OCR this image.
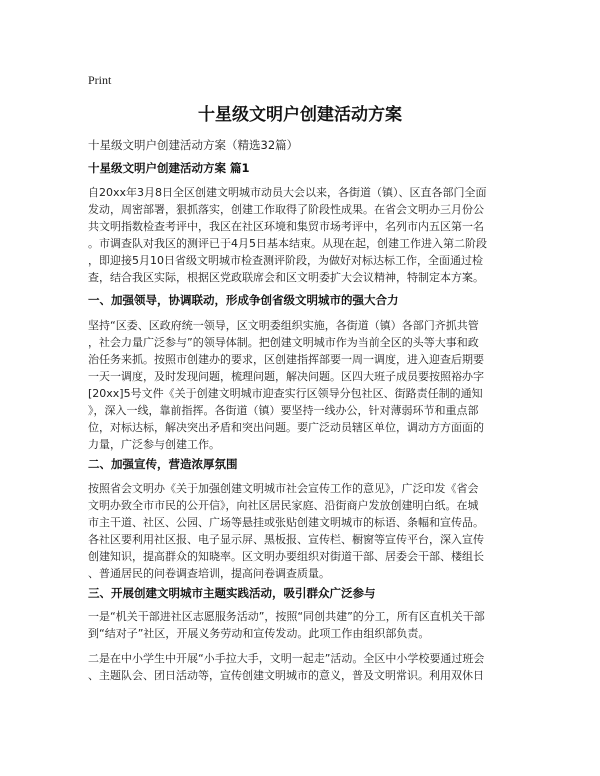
Print
十星级文明户创建活动方案
十星级文明户创建活动方案（精选32篇）
十星级文明户创建活动方案 篇1
自20xx年3月8日全区创建文明城市动员大会以来，各街道（镇）、区直各部门全面
发动，周密部署，狠抓落实，创建工作取得了阶段性成果。在省会文明办三月份公
共文明指数检查考评中，我区在社区环境和集贸市场考评中，名列市内五区第一名
。市调查队对我区的测评已于4月5日基本结束。从现在起，创建工作进入第二阶段
，即迎接5月10日省级文明城市检查测评阶段，为做好对标达标工作，全面通过检
查，结合我区实际，根据区党政联席会和区文明委扩大会议精神，特制定本方案。
一、加强领导，协调联动，形成争创省级文明城市的强大合力
坚持“区委、区政府统一领导，区文明委组织实施，各街道（镇）各部门齐抓共管
，社会力量广泛参与”的领导体制。把创建文明城市作为当前全区的头等大事和政
治任务来抓。按照市创建办的要求，区创建指挥部要一周一调度，进入迎查后期要
一天一调度，及时发现问题，梳理问题，解决问题。区四大班子成员要按照裕办字
[20xx]5号文件《关于创建文明城市迎查实行区领导分包社区、街路责任制的通知
》，深入一线，靠前指挥。各街道（镇）要坚持一线办公，针对薄弱环节和重点部
位，对标达标，解决突出矛盾和突出问题。要广泛动员辖区单位，调动方方面面的
力量，广泛参与创建工作。
二、加强宣传，营造浓厚氛围
按照省会文明办《关于加强创建文明城市社会宣传工作的意见》，广泛印发《省会
文明办致全市市民的公开信》，向社区居民家庭、沿街商户发放创建明白纸。在城
市主干道、社区、公园、广场等悬挂或张贴创建文明城市的标语、条幅和宣传品。
各社区要利用社区报、电子显示屏、黑板报、宣传栏、橱窗等宣传平台，深入宣传
创建知识，提高群众的知晓率。区文明办要组织对街道干部、居委会干部、楼组长
、普通居民的问卷调查培训，提高问卷调查质量。
三、开展创建文明城市主题实践活动，吸引群众广泛参与
一是“机关干部进社区志愿服务活动”，按照“同创共建”的分工，所有区直机关干部
到“结对子”社区，开展义务劳动和宣传发动。此项工作由组织部负责。
二是在中小学生中开展“小手拉大手，文明一起走”活动。全区中小学校要通过班会
、主题队会、团日活动等，宣传创建文明城市的意义，普及文明常识。利用双休日
